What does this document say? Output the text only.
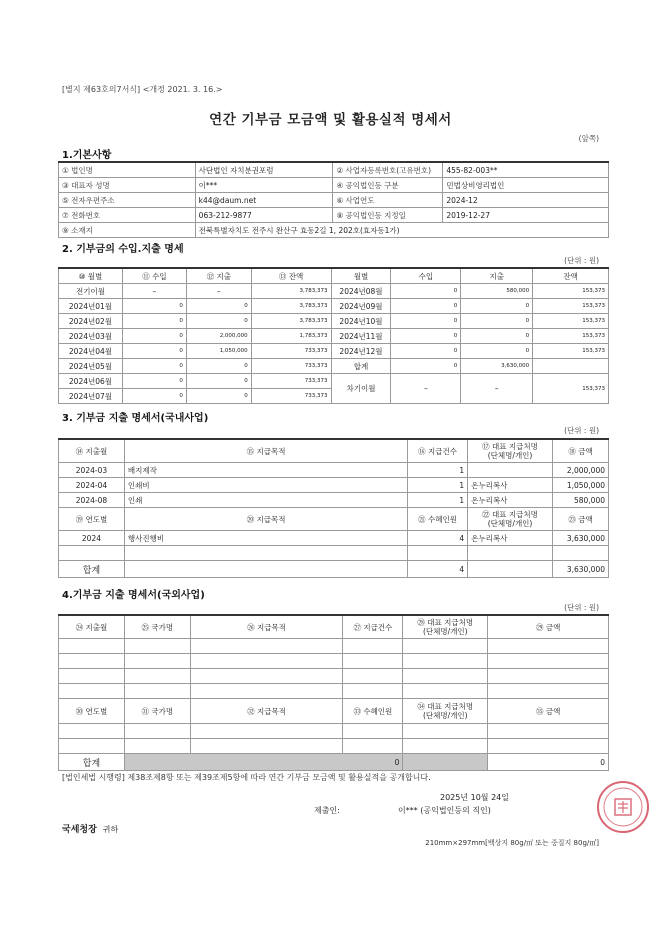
[별지 제63호의7서식] <개정 2021. 3. 16.>
연간 기부금 모금액 및 활용실적 명세서
(앞쪽)
1.기본사항
① 법인명	사단법인 자치분권포럼	② 사업자등록번호(고유번호)	455-82-003**
③ 대표자 성명	이***	④ 공익법인등 구분	민법상비영리법인
⑤ 전자우편주소	k44@daum.net	⑥ 사업연도	2024-12
⑦ 전화번호	063-212-9877	⑧ 공익법인등 지정일	2019-12-27
⑨ 소재지	전북특별자치도 전주시 완산구 효동2길 1, 202호(효자동1가)		
2. 기부금의 수입.지출 명세
(단위 : 원)
⑩ 월별	⑪ 수입	⑫ 지출	⑬ 잔액	월별	수입	지출	잔액
전기이월	–	–	3,783,373	2024년08월	0	580,000	153,373
2024년01월	0	0	3,783,373	2024년09월	0	0	153,373
2024년02월	0	0	3,783,373	2024년10월	0	0	153,373
2024년03월	0	2,000,000	1,783,373	2024년11월	0	0	153,373
2024년04월	0	1,050,000	733,373	2024년12월	0	0	153,373
2024년05월	0	0	733,373	합계	0	3,630,000	
2024년06월	0	0	733,373	차기이월	–	–	153,373
2024년07월	0	0	733,373				
3. 기부금 지출 명세서(국내사업)
(단위 : 원)
⑭ 지출월	⑮ 지급목적	⑯ 지급건수	⑰ 대표 지급처명
(단체명/개인)	⑱ 금액
2024-03	배지제작	1		2,000,000
2024-04	인쇄비	1	온누리복사	1,050,000
2024-08	인쇄	1	온누리복사	580,000
⑲ 연도별	⑳ 지급목적	㉑ 수혜인원	㉒ 대표 지급처명
(단체명/개인)	㉓ 금액
2024	행사진행비	4	온누리복사	3,630,000

합계		4		3,630,000
4.기부금 지출 명세서(국외사업)
(단위 : 원)
㉔ 지출월	㉕ 국가명	㉖ 지급목적	㉗ 지급건수	㉘ 대표 지급처명
(단체명/개인)	㉙ 금액

㉚ 연도별	㉛ 국가명	㉜ 지급목적	㉝ 수혜인원	㉞ 대표 지급처명
(단체명/개인)	㉟ 금액

합계	0				0
[법인세법 시행령] 제38조제8항 또는 제39조제5항에 따라 연간 기부금 모금액 및 활용실적을 공개합니다.
2025년 10월 24일
제출인:	이*** (공익법인등의 직인)
국세청장 귀하
210mm×297mm[백상지 80g/㎡ 또는 중질지 80g/㎡]
